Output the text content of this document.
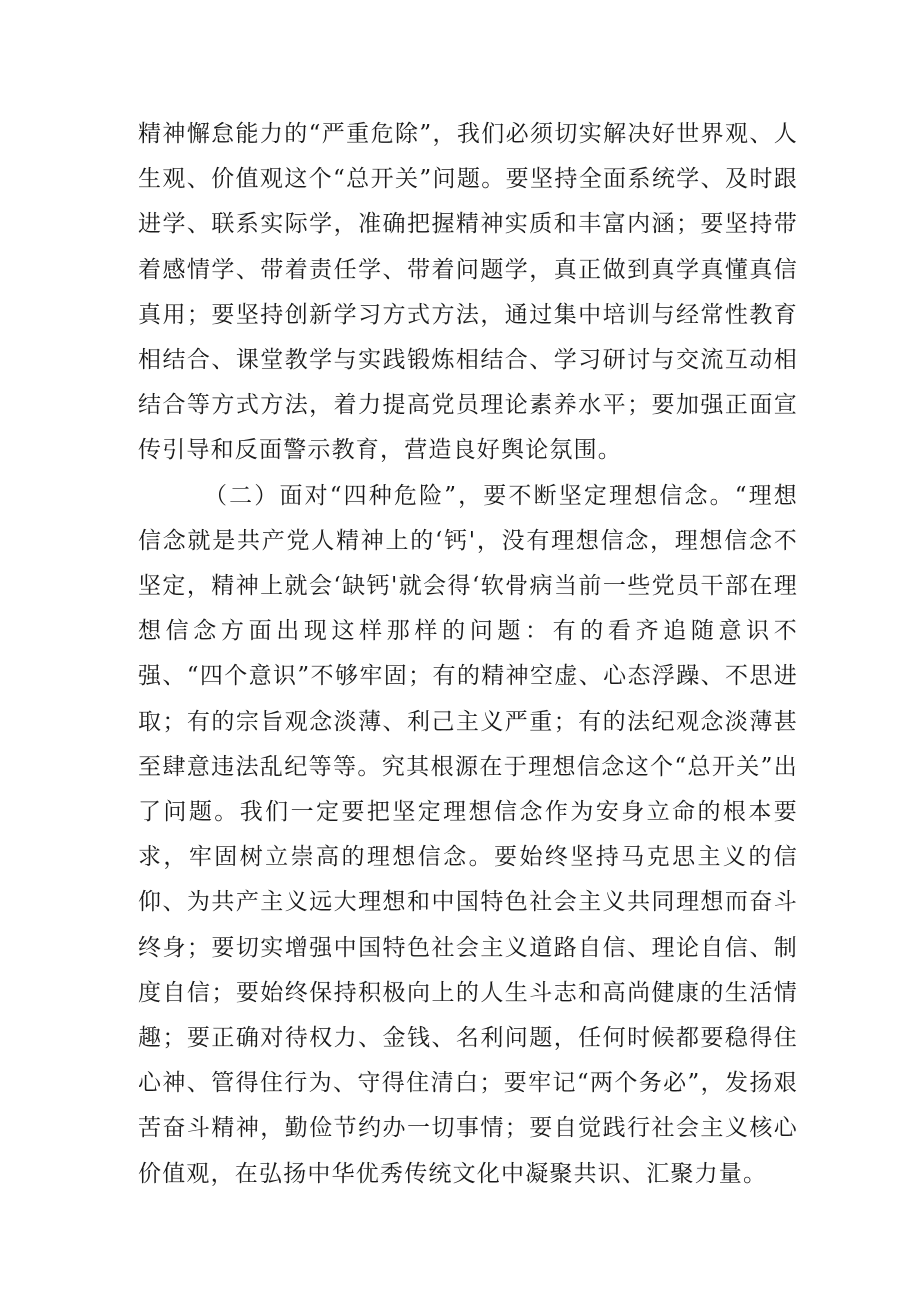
精神懈怠能力的“严重危除”，我们必须切实解决好世界观、人生观、价值观这个“总开关”问题。要坚持全面系统学、及时跟进学、联系实际学，准确把握精神实质和丰富内涵；要坚持带着感情学、带着责任学、带着问题学，真正做到真学真懂真信真用；要坚持创新学习方式方法，通过集中培训与经常性教育相结合、课堂教学与实践锻炼相结合、学习研讨与交流互动相结合等方式方法，着力提高党员理论素养水平；要加强正面宣传引导和反面警示教育，营造良好舆论氛围。

（二）面对“四种危险”，要不断坚定理想信念。“理想信念就是共产党人精神上的‘钙'，没有理想信念，理想信念不坚定，精神上就会‘缺钙'就会得‘软骨病当前一些党员干部在理想信念方面出现这样那样的问题：有的看齐追随意识不强、“四个意识”不够牢固；有的精神空虚、心态浮躁、不思进取；有的宗旨观念淡薄、利己主义严重；有的法纪观念淡薄甚至肆意违法乱纪等等。究其根源在于理想信念这个“总开关”出了问题。我们一定要把坚定理想信念作为安身立命的根本要求，牢固树立崇高的理想信念。要始终坚持马克思主义的信仰、为共产主义远大理想和中国特色社会主义共同理想而奋斗终身；要切实增强中国特色社会主义道路自信、理论自信、制度自信；要始终保持积极向上的人生斗志和高尚健康的生活情趣；要正确对待权力、金钱、名利问题，任何时候都要稳得住心神、管得住行为、守得住清白；要牢记“两个务必”，发扬艰苦奋斗精神，勤俭节约办一切事情；要自觉践行社会主义核心价值观，在弘扬中华优秀传统文化中凝聚共识、汇聚力量。
